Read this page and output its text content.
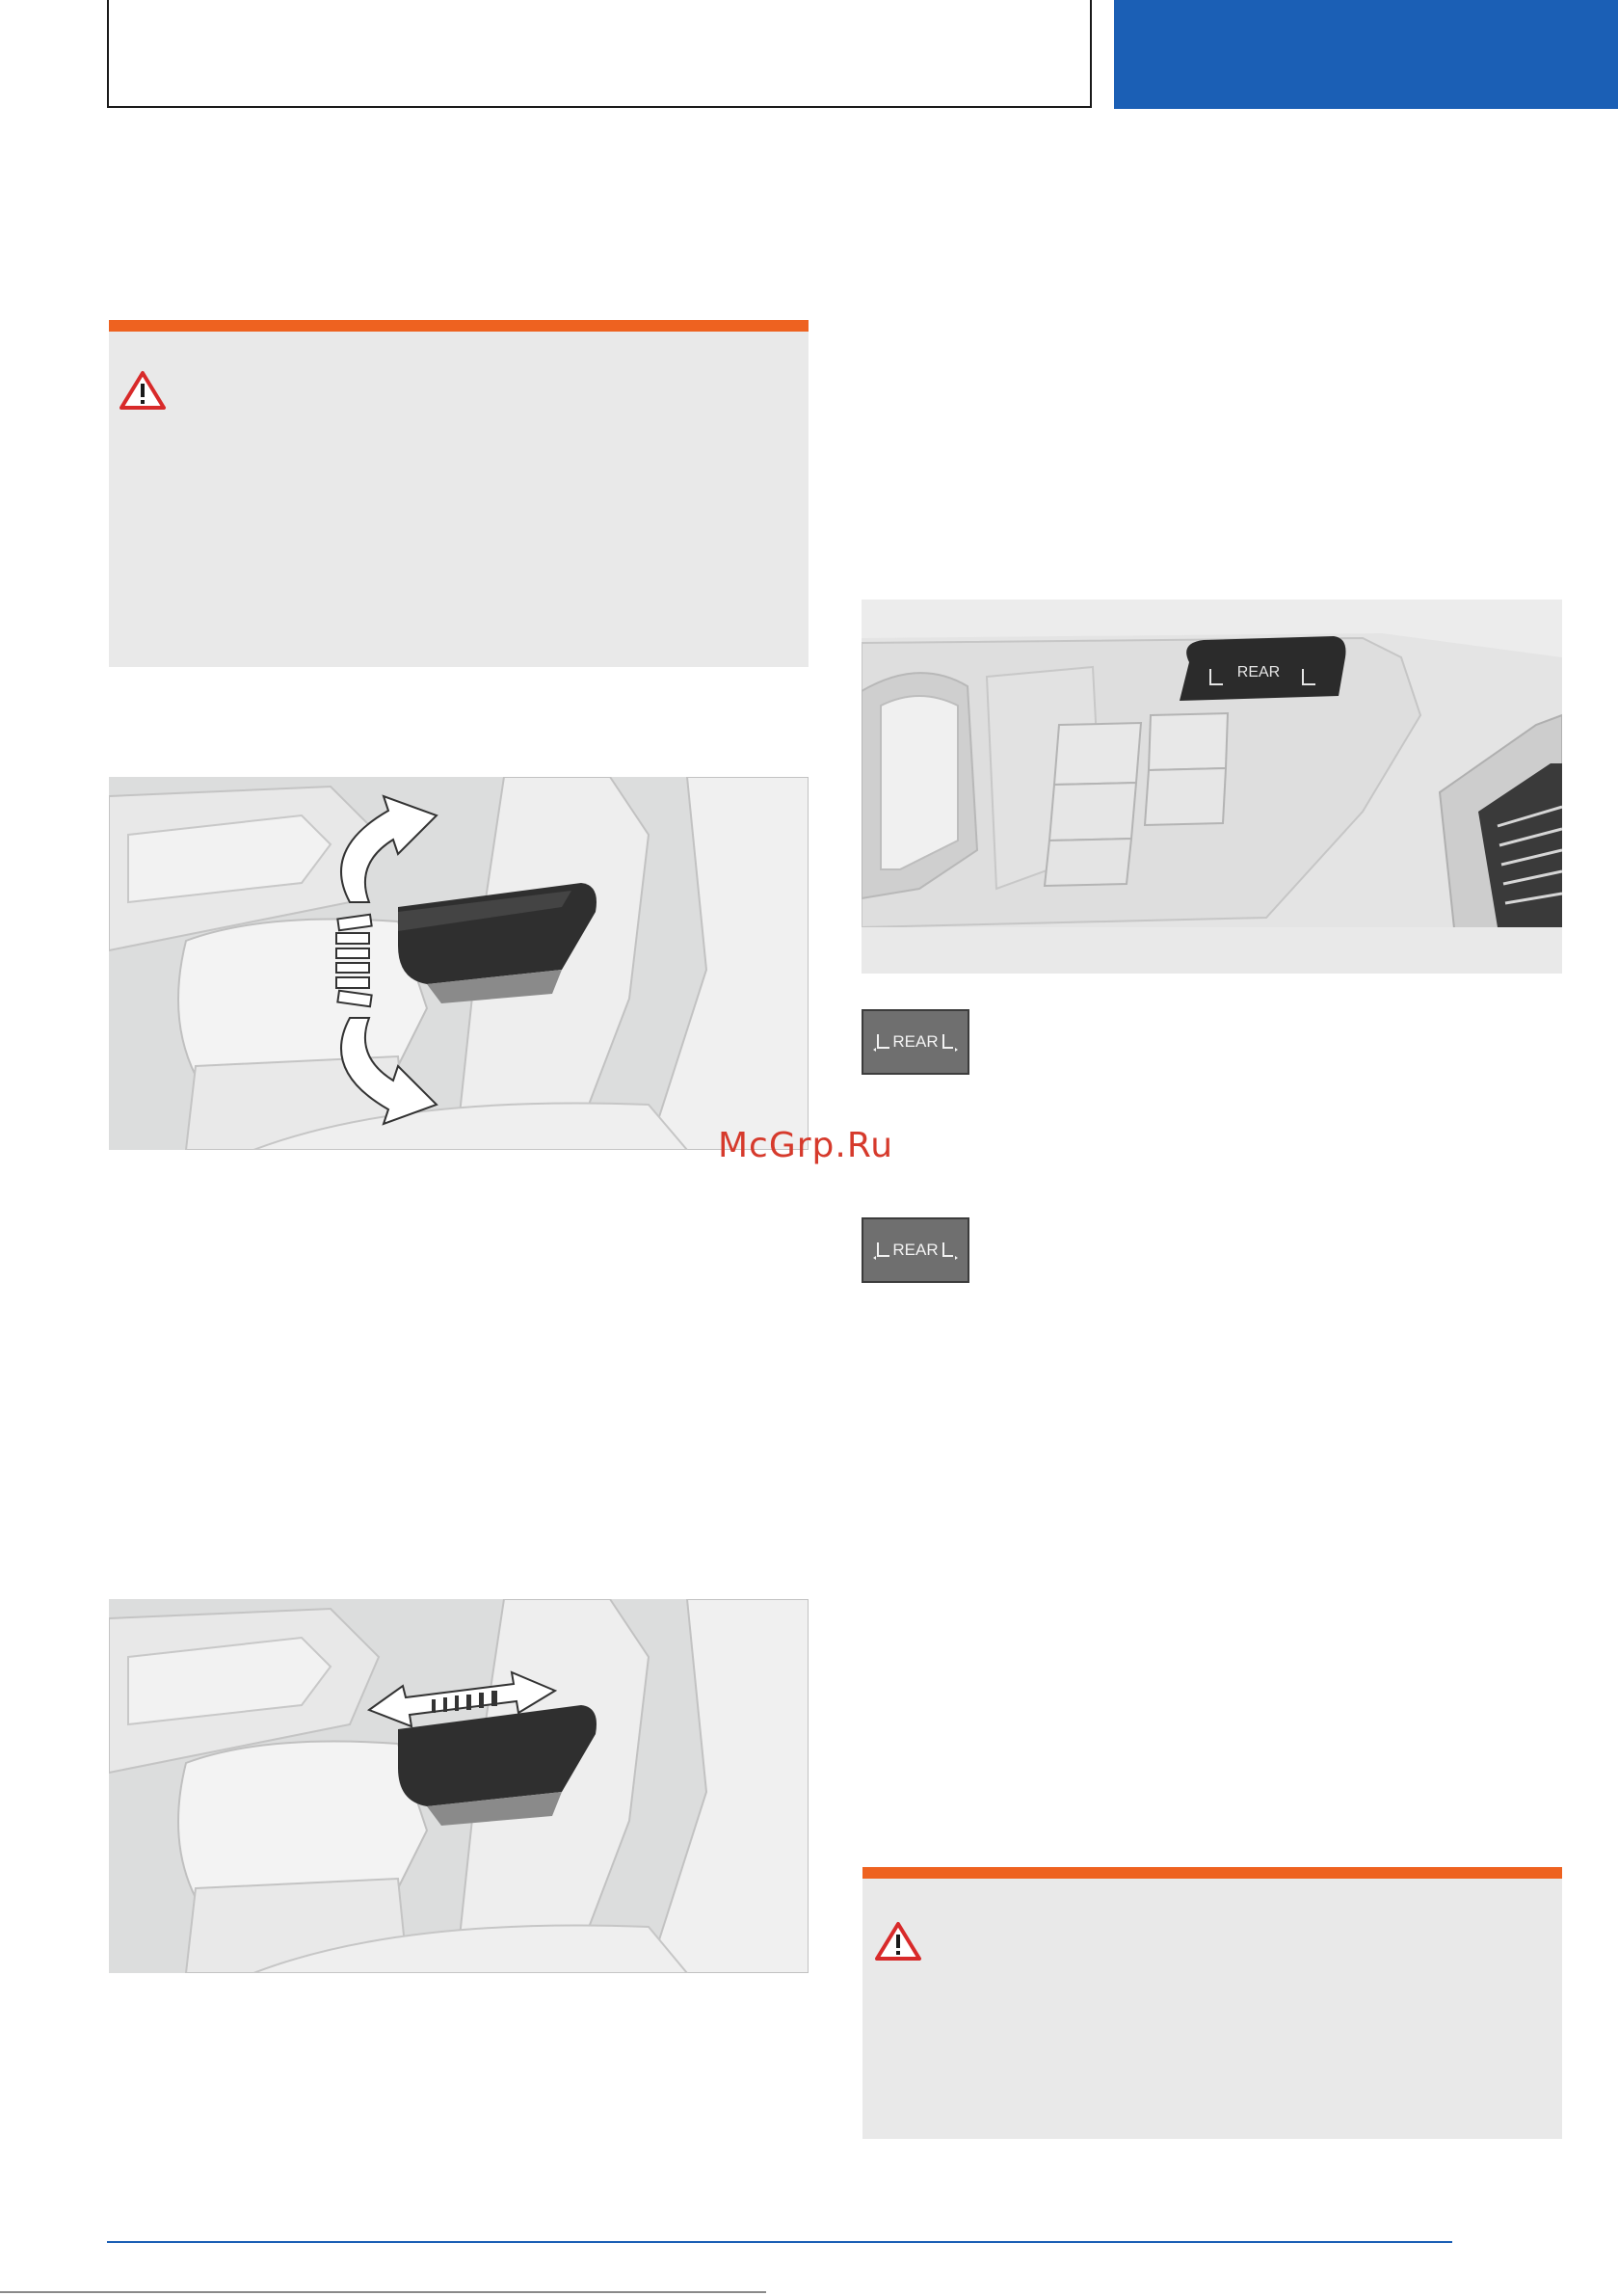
REAR
REAR
REAR
McGrp.Ru
